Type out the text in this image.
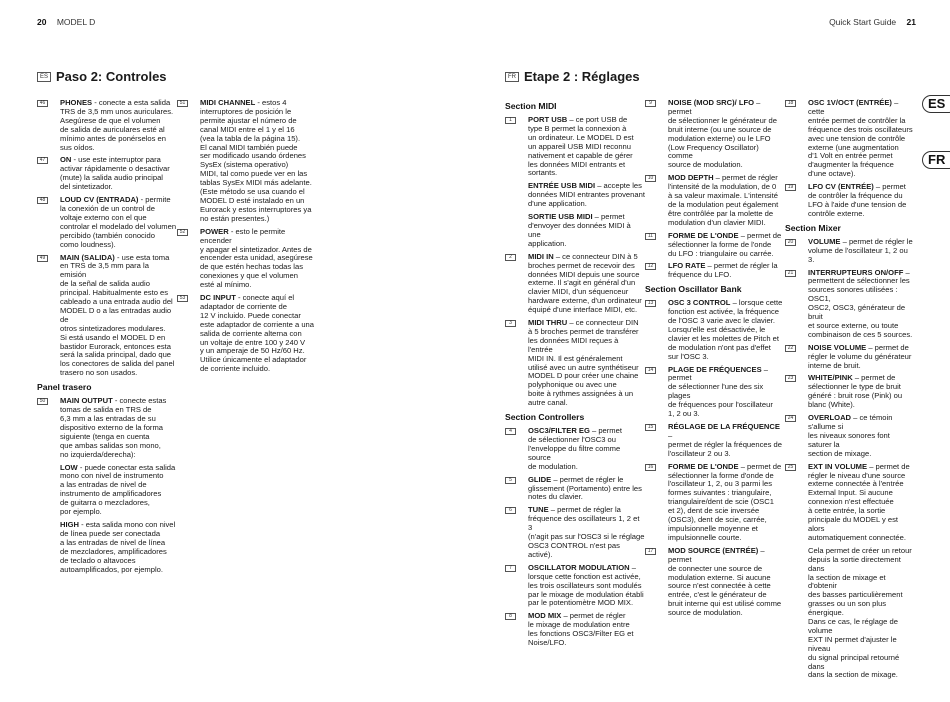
20 MODEL D	Quick Start Guide 21
ES
FR
ES Paso 2: Controles	FR Etape 2 : Réglages
46	PHONES - conecte a esta salida
TRS de 3,5 mm unos auriculares.
Asegúrese de que el volumen
de salida de auriculares esté al
mínimo antes de ponérselos en
sus oídos.
47	ON - use este interruptor para
activar rápidamente o desactivar
(mute) la salida audio principal
del sintetizador.
48	LOUD CV (ENTRADA) - permite
la conexión de un control de
voltaje externo con el que
controlar el modelado del volumen
percibido (también conocido
como loudness).
49	MAIN (SALIDA) - use esta toma
en TRS de 3,5 mm para la emisión
de la señal de salida audio
principal. Habitualmente esto es
cableado a una entrada audio del
MODEL D o a las entradas audio de
otros sintetizadores modulares.
Si está usando el MODEL D en
bastidor Eurorack, entonces esta
será la salida principal, dado que
los conectores de salida del panel
trasero no son usados.
Panel trasero
50	MAIN OUTPUT - conecte estas
tomas de salida en TRS de
6,3 mm a las entradas de su
dispositivo externo de la forma
siguiente (tenga en cuenta
que ambas salidas son mono,
no izquierda/derecha):
LOW - puede conectar esta salida
mono con nivel de instrumento
a las entradas de nivel de
instrumento de amplificadores
de guitarra o mezcladores,
por ejemplo.
HIGH - esta salida mono con nivel
de línea puede ser conectada
a las entradas de nivel de línea
de mezcladores, amplificadores
de teclado o altavoces
autoamplificados, por ejemplo.
51	MIDI CHANNEL - estos 4
interruptores de posición le
permite ajustar el número de
canal MIDI entre el 1 y el 16
(vea la tabla de la página 15).
El canal MIDI también puede
ser modificado usando órdenes
SysEx (sistema operativo)
MIDI, tal como puede ver en las
tablas SysEx MIDI más adelante.
(Este método se usa cuando el
MODEL D esté instalado en un
Eurorack y estos interruptores ya
no están presentes.)
52	POWER - esto le permite encender
y apagar el sintetizador. Antes de
encender esta unidad, asegúrese
de que estén hechas todas las
conexiones y que el volumen
esté al mínimo.
53	DC INPUT - conecte aquí el
adaptador de corriente de
12 V incluido. Puede conectar
este adaptador de corriente a una
salida de corriente alterna con
un voltaje de entre 100 y 240 V
y un amperaje de 50 Hz/60 Hz.
Utilice únicamente el adaptador
de corriente incluido.
Section MIDI
1	PORT USB – ce port USB de
type B permet la connexion à
un ordinateur. Le MODEL D est
un appareil USB MIDI reconnu
nativement et capable de gérer
les données MIDI entrants et
sortants.
ENTRÉE USB MIDI – accepte les
données MIDI entrantes provenant
d'une application.
SORTIE USB MIDI – permet
d'envoyer des données MIDI à une
application.
2	MIDI IN – ce connecteur DIN à 5
broches permet de recevoir des
données MIDI depuis une source
externe. Il s'agit en général d'un
clavier MIDI, d'un séquenceur
hardware externe, d'un ordinateur
équipé d'une interface MIDI, etc.
3	MIDI THRU – ce connecteur DIN
à 5 broches permet de transférer
les données MIDI reçues à l'entrée
MIDI IN. Il est généralement
utilisé avec un autre synthétiseur
MODEL D pour créer une chaine
polyphonique ou avec une
boite à rythmes assignées à un
autre canal.
Section Controllers
4	OSC3/FILTER EG – permet
de sélectionner l'OSC3 ou
l'enveloppe du filtre comme source
de modulation.
5	GLIDE – permet de régler le
glissement (Portamento) entre les
notes du clavier.
6	TUNE – permet de régler la
fréquence des oscillateurs 1, 2 et 3
(n'agit pas sur l'OSC3 si le réglage
OSC3 CONTROL n'est pas activé).
7	OSCILLATOR MODULATION –
lorsque cette fonction est activée,
les trois oscillateurs sont modulés
par le mixage de modulation établi
par le potentiomètre MOD MIX.
8	MOD MIX – permet de régler
le mixage de modulation entre
les fonctions OSC3/Filter EG et
Noise/LFO.
9	NOISE (MOD SRC)/ LFO – permet
de sélectionner le générateur de
bruit interne (ou une source de
modulation externe) ou le LFO
(Low Frequency Oscillator) comme
source de modulation.
10	MOD DEPTH – permet de régler
l'intensité de la modulation, de 0
à sa valeur maximale. L'intensité
de la modulation peut également
être contrôlée par la molette de
modulation d'un clavier MIDI.
11	FORME DE L'ONDE – permet de
sélectionner la forme de l'onde
du LFO : triangulaire ou carrée.
12	LFO RATE – permet de régler la
fréquence du LFO.
Section Oscillator Bank
13	OSC 3 CONTROL – lorsque cette
fonction est activée, la fréquence
de l'OSC 3 varie avec le clavier.
Lorsqu'elle est désactivée, le
clavier et les molettes de Pitch et
de modulation n'ont pas d'effet
sur l'OSC 3.
14	PLAGE DE FRÉQUENCES – permet
de sélectionner l'une des six plages
de fréquences pour l'oscillateur
1, 2 ou 3.
15	RÉGLAGE DE LA FRÉQUENCE –
permet de régler la fréquences de
l'oscillateur 2 ou 3.
16	FORME DE L'ONDE – permet de
sélectionner la forme d'onde de
l'oscillateur 1, 2, ou 3 parmi les
formes suivantes : triangulaire,
triangulaire/dent de scie (OSC1
et 2), dent de scie inversée
(OSC3), dent de scie, carrée,
impulsionnelle moyenne et
impulsionnelle courte.
17	MOD SOURCE (ENTRÉE) – permet
de connecter une source de
modulation externe. Si aucune
source n'est connectée à cette
entrée, c'est le générateur de
bruit interne qui est utilisé comme
source de modulation.
18	OSC 1V/OCT (ENTRÉE) – cette
entrée permet de contrôler la
fréquence des trois oscillateurs
avec une tension de contrôle
externe (une augmentation
d'1 Volt en entrée permet
d'augmenter la fréquence
d'une octave).
19	LFO CV (ENTRÉE) – permet
de contrôler la fréquence du
LFO à l'aide d'une tension de
contrôle externe.
Section Mixer
20	VOLUME – permet de régler le
volume de l'oscillateur 1, 2 ou 3.
21	INTERRUPTEURS ON/OFF –
permettent de sélectionner les
sources sonores utilisées : OSC1,
OSC2, OSC3, générateur de bruit
et source externe, ou toute
combinaison de ces 5 sources.
22	NOISE VOLUME – permet de
régler le volume du générateur
interne de bruit.
23	WHITE/PINK – permet de
sélectionner le type de bruit
généré : bruit rose (Pink) ou
blanc (White).
24	OVERLOAD – ce témoin s'allume si
les niveaux sonores font saturer la
section de mixage.
25	EXT IN VOLUME – permet de
régler le niveau d'une source
externe connectée à l'entrée
External Input. Si aucune
connexion n'est effectuée
à cette entrée, la sortie
principale du MODEL y est alors
automatiquement connectée.
Cela permet de créer un retour
depuis la sortie directement dans
la section de mixage et d'obtenir
des basses particulièrement
grasses ou un son plus énergique.
Dans ce cas, le réglage de volume
EXT IN permet d'ajuster le niveau
du signal principal retourné dans
dans la section de mixage.
